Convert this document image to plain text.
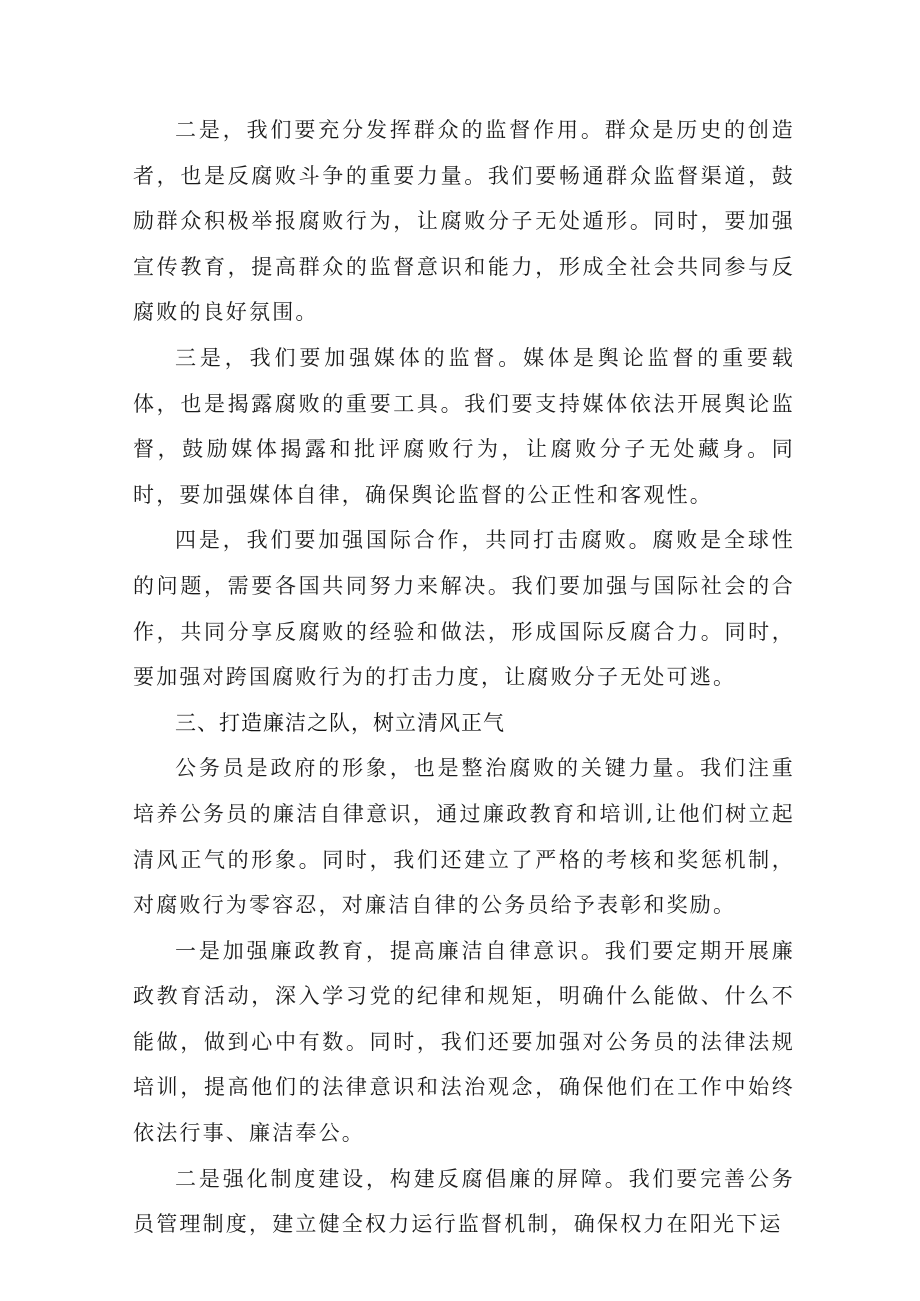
二是，我们要充分发挥群众的监督作用。群众是历史的创造者，也是反腐败斗争的重要力量。我们要畅通群众监督渠道，鼓励群众积极举报腐败行为，让腐败分子无处遁形。同时，要加强宣传教育，提高群众的监督意识和能力，形成全社会共同参与反腐败的良好氛围。

三是，我们要加强媒体的监督。媒体是舆论监督的重要载体，也是揭露腐败的重要工具。我们要支持媒体依法开展舆论监督，鼓励媒体揭露和批评腐败行为，让腐败分子无处藏身。同时，要加强媒体自律，确保舆论监督的公正性和客观性。

四是，我们要加强国际合作，共同打击腐败。腐败是全球性的问题，需要各国共同努力来解决。我们要加强与国际社会的合作，共同分享反腐败的经验和做法，形成国际反腐合力。同时，要加强对跨国腐败行为的打击力度，让腐败分子无处可逃。

三、打造廉洁之队，树立清风正气

公务员是政府的形象，也是整治腐败的关键力量。我们注重培养公务员的廉洁自律意识，通过廉政教育和培训,让他们树立起清风正气的形象。同时，我们还建立了严格的考核和奖惩机制，对腐败行为零容忍，对廉洁自律的公务员给予表彰和奖励。

一是加强廉政教育，提高廉洁自律意识。我们要定期开展廉政教育活动，深入学习党的纪律和规矩，明确什么能做、什么不能做，做到心中有数。同时，我们还要加强对公务员的法律法规培训，提高他们的法律意识和法治观念，确保他们在工作中始终依法行事、廉洁奉公。

二是强化制度建设，构建反腐倡廉的屏障。我们要完善公务员管理制度，建立健全权力运行监督机制，确保权力在阳光下运
